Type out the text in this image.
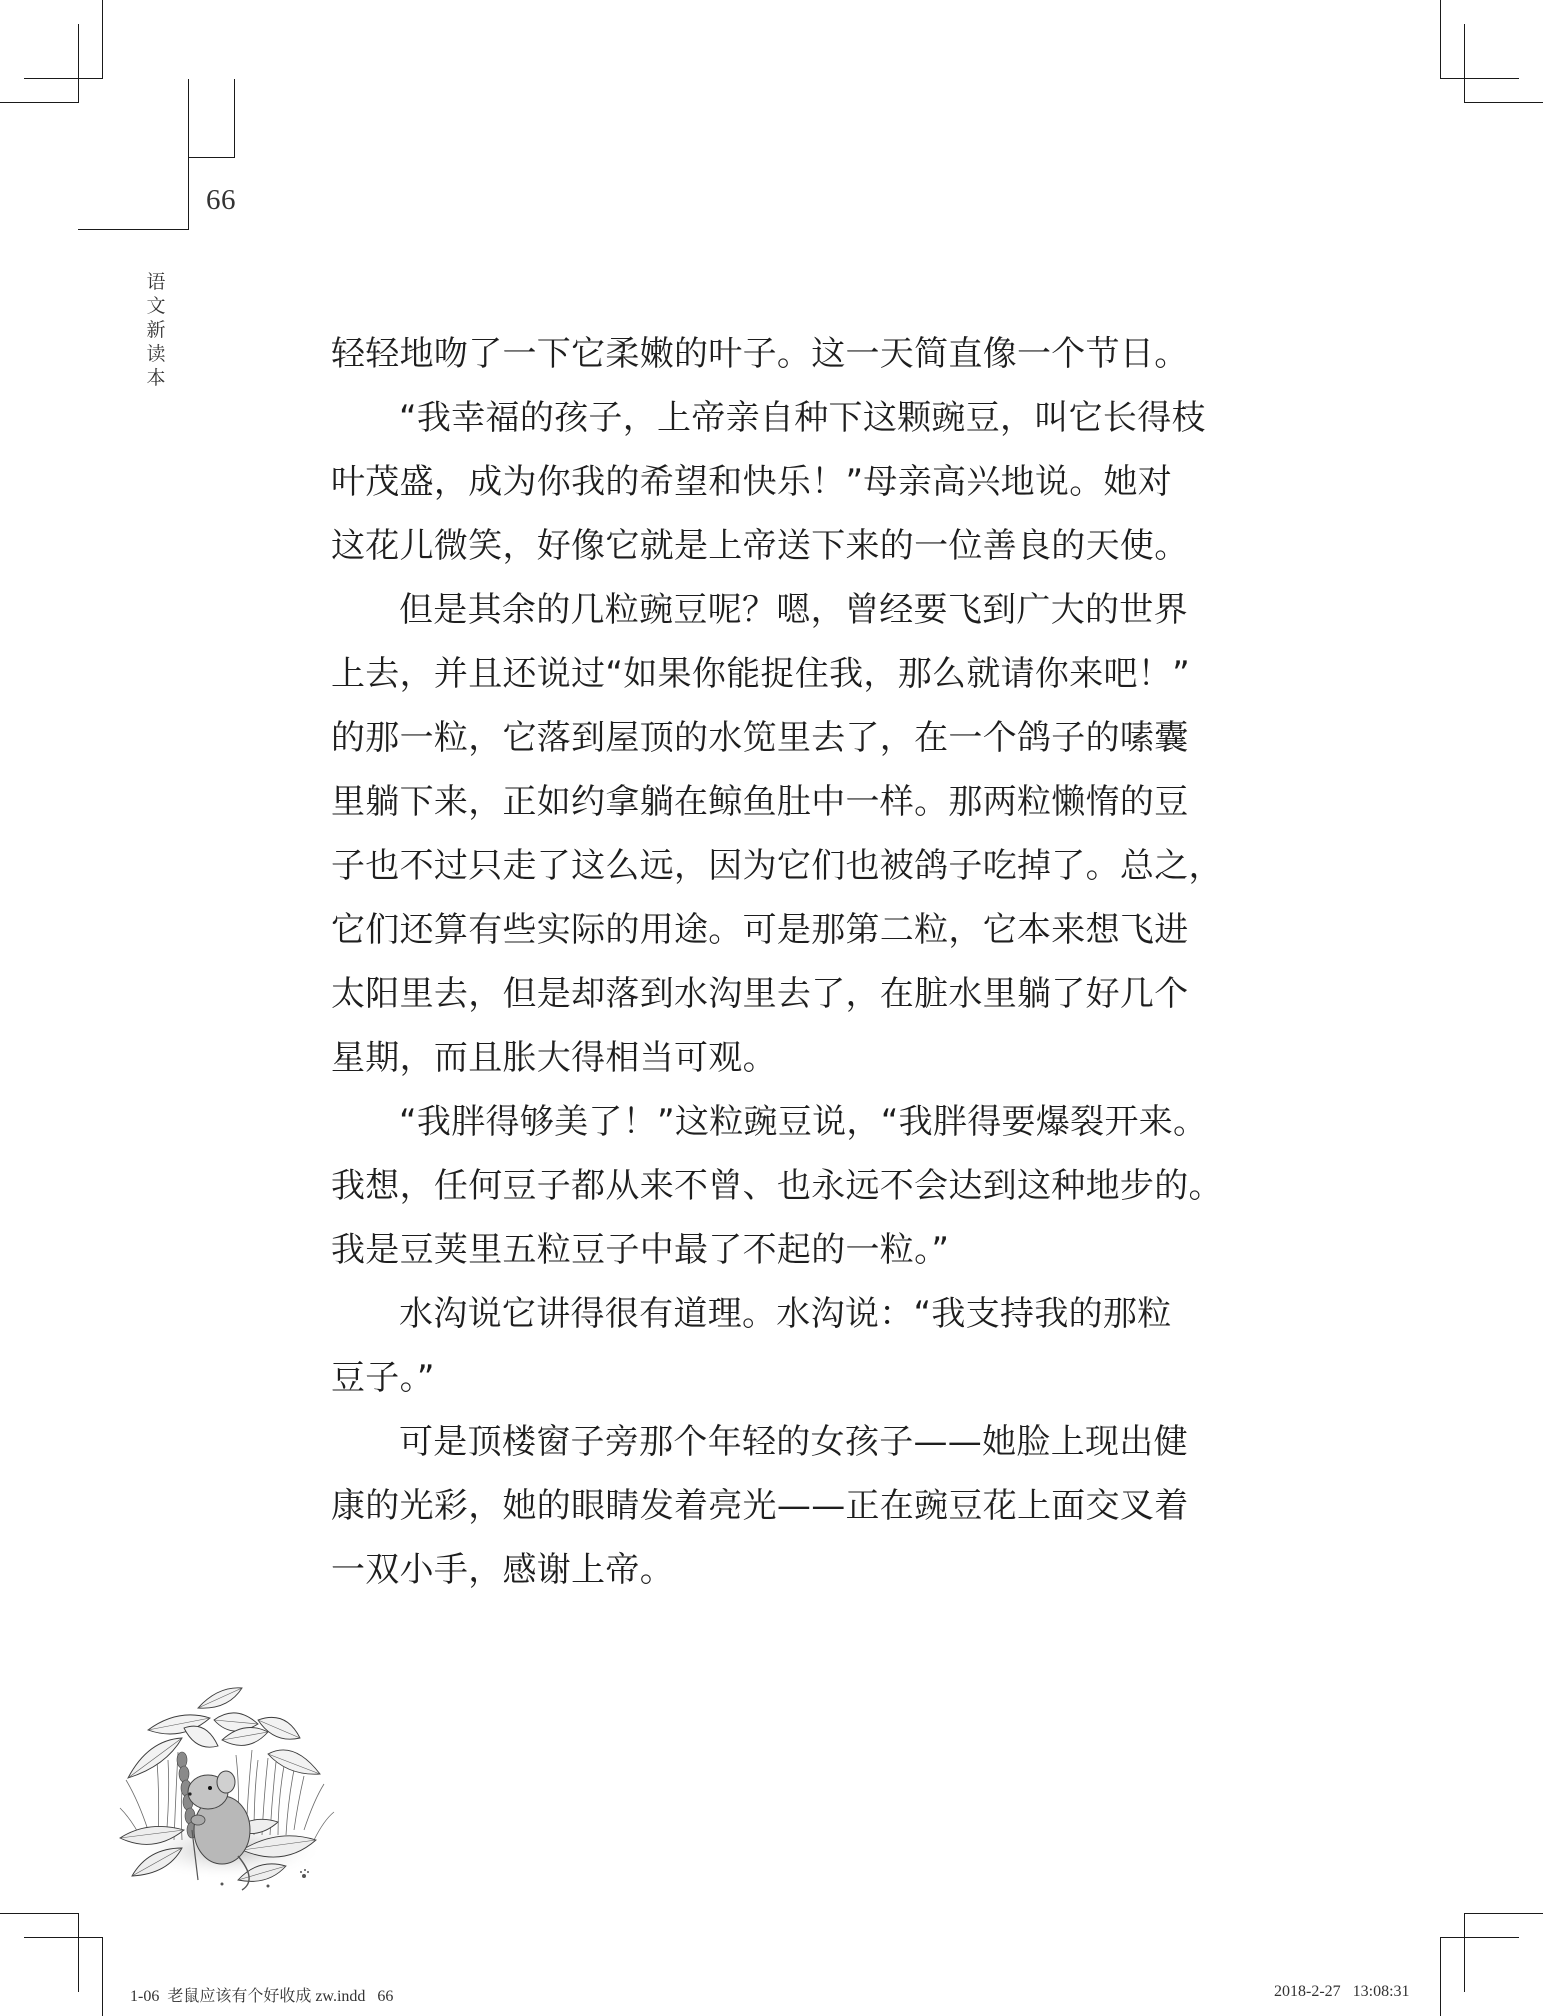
66
语文新读本

轻轻地吻了一下它柔嫩的叶子。这一天简直像一个节日。

“我幸福的孩子，上帝亲自种下这颗豌豆，叫它长得枝

叶茂盛，成为你我的希望和快乐！”母亲高兴地说。她对

这花儿微笑，好像它就是上帝送下来的一位善良的天使。

但是其余的几粒豌豆呢？嗯，曾经要飞到广大的世界

上去，并且还说过“如果你能捉住我，那么就请你来吧！”

的那一粒，它落到屋顶的水笕里去了，在一个鸽子的嗉囊

里躺下来，正如约拿躺在鲸鱼肚中一样。那两粒懒惰的豆

子也不过只走了这么远，因为它们也被鸽子吃掉了。总之，

它们还算有些实际的用途。可是那第二粒，它本来想飞进

太阳里去，但是却落到水沟里去了，在脏水里躺了好几个

星期，而且胀大得相当可观。

“我胖得够美了！”这粒豌豆说，“我胖得要爆裂开来。

我想，任何豆子都从来不曾、也永远不会达到这种地步的。

我是豆荚里五粒豆子中最了不起的一粒。”

水沟说它讲得很有道理。水沟说：“我支持我的那粒

豆子。”

可是顶楼窗子旁那个年轻的女孩子——她脸上现出健

康的光彩，她的眼睛发着亮光——正在豌豆花上面交叉着

一双小手，感谢上帝。

1-06  老鼠应该有个好收成 zw.indd   66	2018-2-27   13:08:31
